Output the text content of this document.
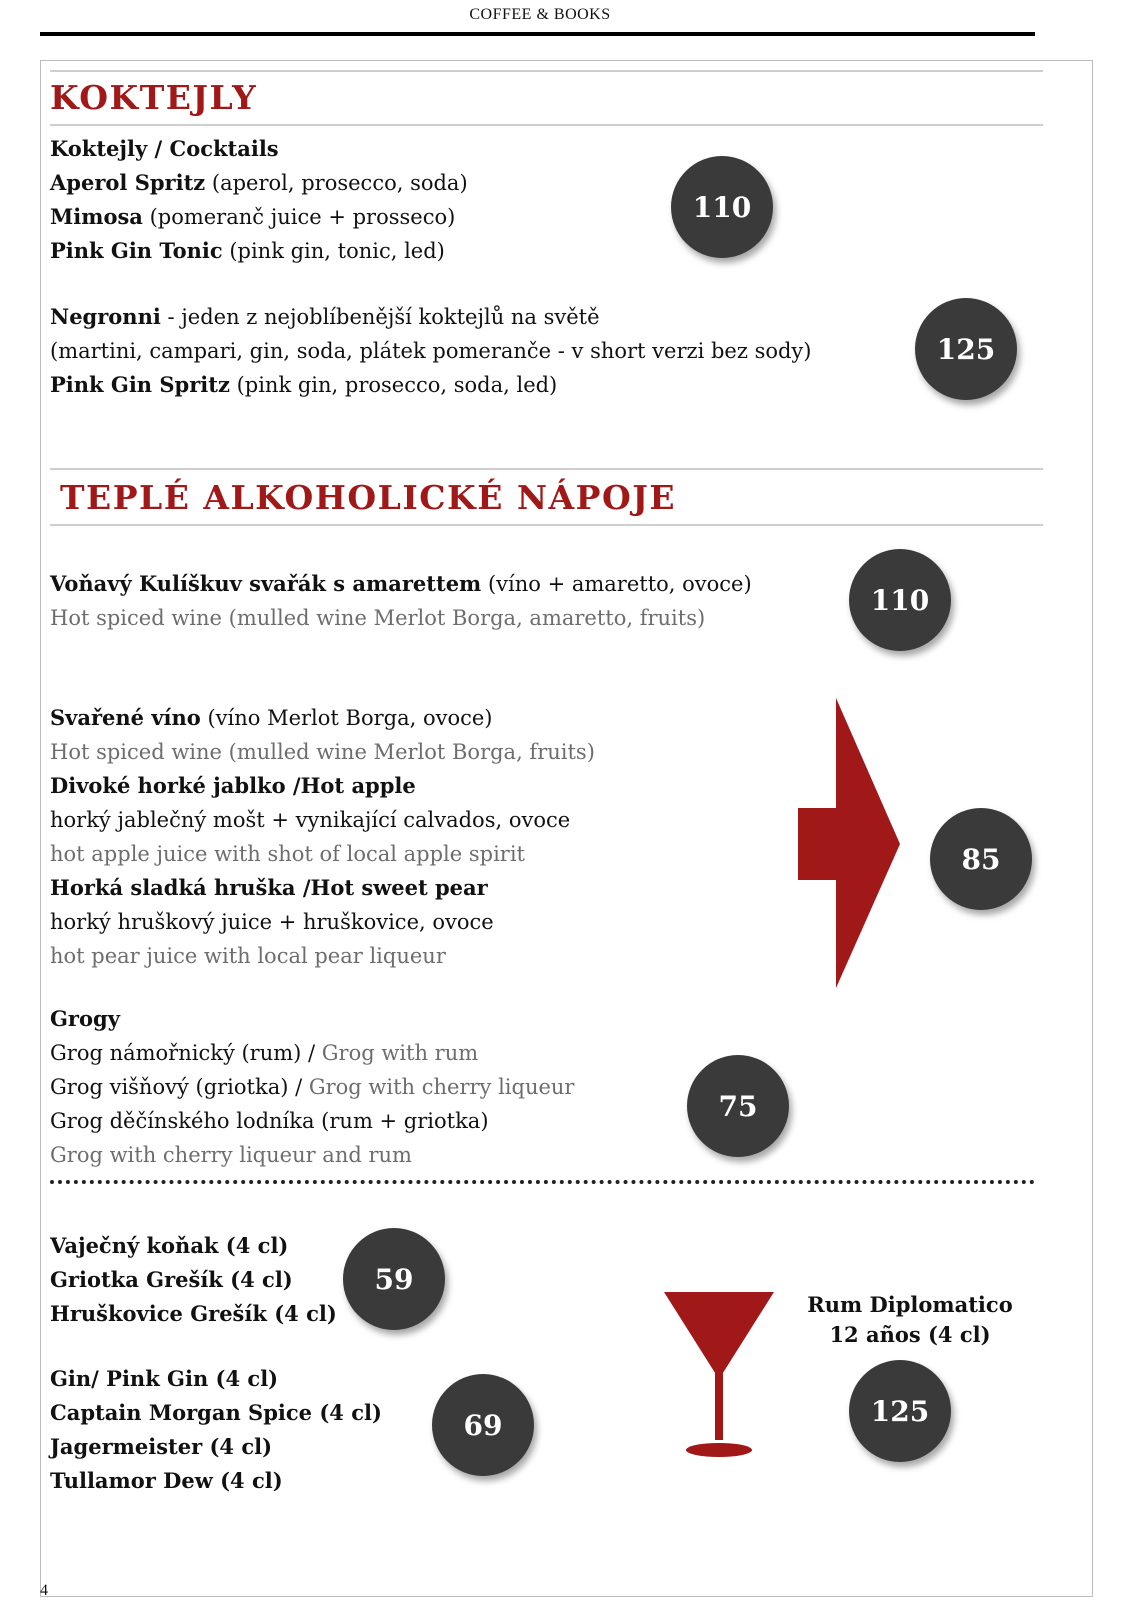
COFFEE & BOOKS
KOKTEJLY
Koktejly / Cocktails
Aperol Spritz (aperol, prosecco, soda)
Mimosa (pomeranč juice + prosseco)
Pink Gin Tonic (pink gin, tonic, led)
110
Negronni - jeden z nejoblíbenější koktejlů na světě
(martini, campari, gin, soda, plátek pomeranče - v short verzi bez sody)
Pink Gin Spritz (pink gin, prosecco, soda, led)
125
TEPLÉ ALKOHOLICKÉ NÁPOJE
Voňavý Kulíškuv svařák s amarettem (víno + amaretto, ovoce)
Hot spiced wine (mulled wine Merlot Borga, amaretto, fruits)
110
Svařené víno (víno Merlot Borga, ovoce)
Hot spiced wine (mulled wine Merlot Borga, fruits)
Divoké horké jablko /Hot apple
horký jablečný mošt + vynikající calvados, ovoce
hot apple juice with shot of local apple spirit
Horká sladká hruška /Hot sweet pear
horký hruškový juice + hruškovice, ovoce
hot pear juice with local pear liqueur
85
Grogy
Grog námořnický (rum) / Grog with rum
Grog višňový (griotka) / Grog with cherry liqueur
Grog děčínského lodníka (rum + griotka)
Grog with cherry liqueur and rum
75
Vaječný koňak (4 cl)
Griotka Grešík (4 cl)
Hruškovice Grešík (4 cl)
59
Gin/ Pink Gin (4 cl)
Captain Morgan Spice (4 cl)
Jagermeister (4 cl)
Tullamor Dew (4 cl)
69
Rum Diplomatico
12 años (4 cl)
125
4
